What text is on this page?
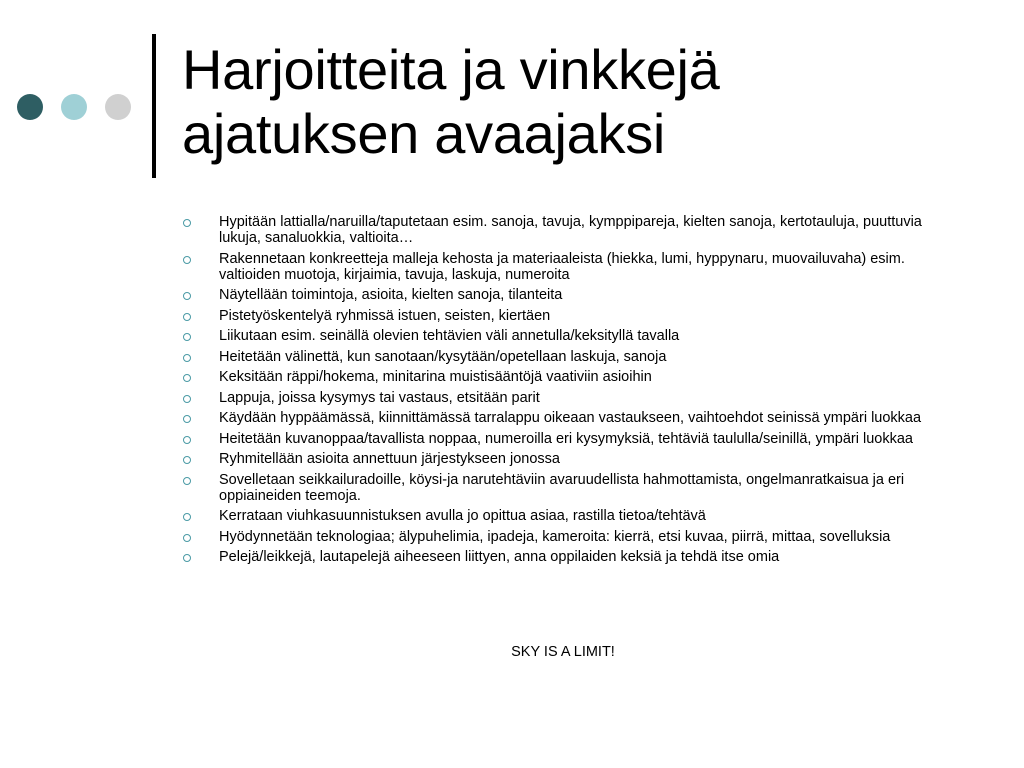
Harjoitteita ja vinkkejä
ajatuksen avaajaksi
Hypitään lattialla/naruilla/taputetaan esim. sanoja, tavuja, kymppipareja, kielten sanoja, kertotauluja, puuttuvia lukuja, sanaluokkia, valtioita…
Rakennetaan konkreetteja malleja kehosta ja materiaaleista (hiekka, lumi, hyppynaru, muovailuvaha) esim. valtioiden muotoja, kirjaimia, tavuja, laskuja, numeroita
Näytellään toimintoja, asioita, kielten sanoja, tilanteita
Pistetyöskentelyä ryhmissä istuen, seisten, kiertäen
Liikutaan esim. seinällä olevien tehtävien väli annetulla/keksityllä tavalla
Heitetään välinettä, kun sanotaan/kysytään/opetellaan laskuja, sanoja
Keksitään räppi/hokema, minitarina muistisääntöjä vaativiin asioihin
Lappuja, joissa kysymys tai vastaus, etsitään parit
Käydään hyppäämässä, kiinnittämässä tarralappu oikeaan vastaukseen, vaihtoehdot seinissä ympäri luokkaa
Heitetään kuvanoppaa/tavallista noppaa, numeroilla eri kysymyksiä, tehtäviä taululla/seinillä, ympäri luokkaa
Ryhmitellään asioita annettuun järjestykseen jonossa
Sovelletaan seikkailuradoille, köysi-ja narutehtäviin avaruudellista hahmottamista, ongelmanratkaisua ja eri oppiaineiden teemoja.
Kerrataan viuhkasuunnistuksen avulla jo opittua asiaa, rastilla tietoa/tehtävä
Hyödynnetään teknologiaa; älypuhelimia, ipadeja, kameroita: kierrä, etsi kuvaa, piirrä, mittaa, sovelluksia
Pelejä/leikkejä, lautapelejä aiheeseen liittyen, anna oppilaiden keksiä ja tehdä itse omia
SKY IS A LIMIT!
